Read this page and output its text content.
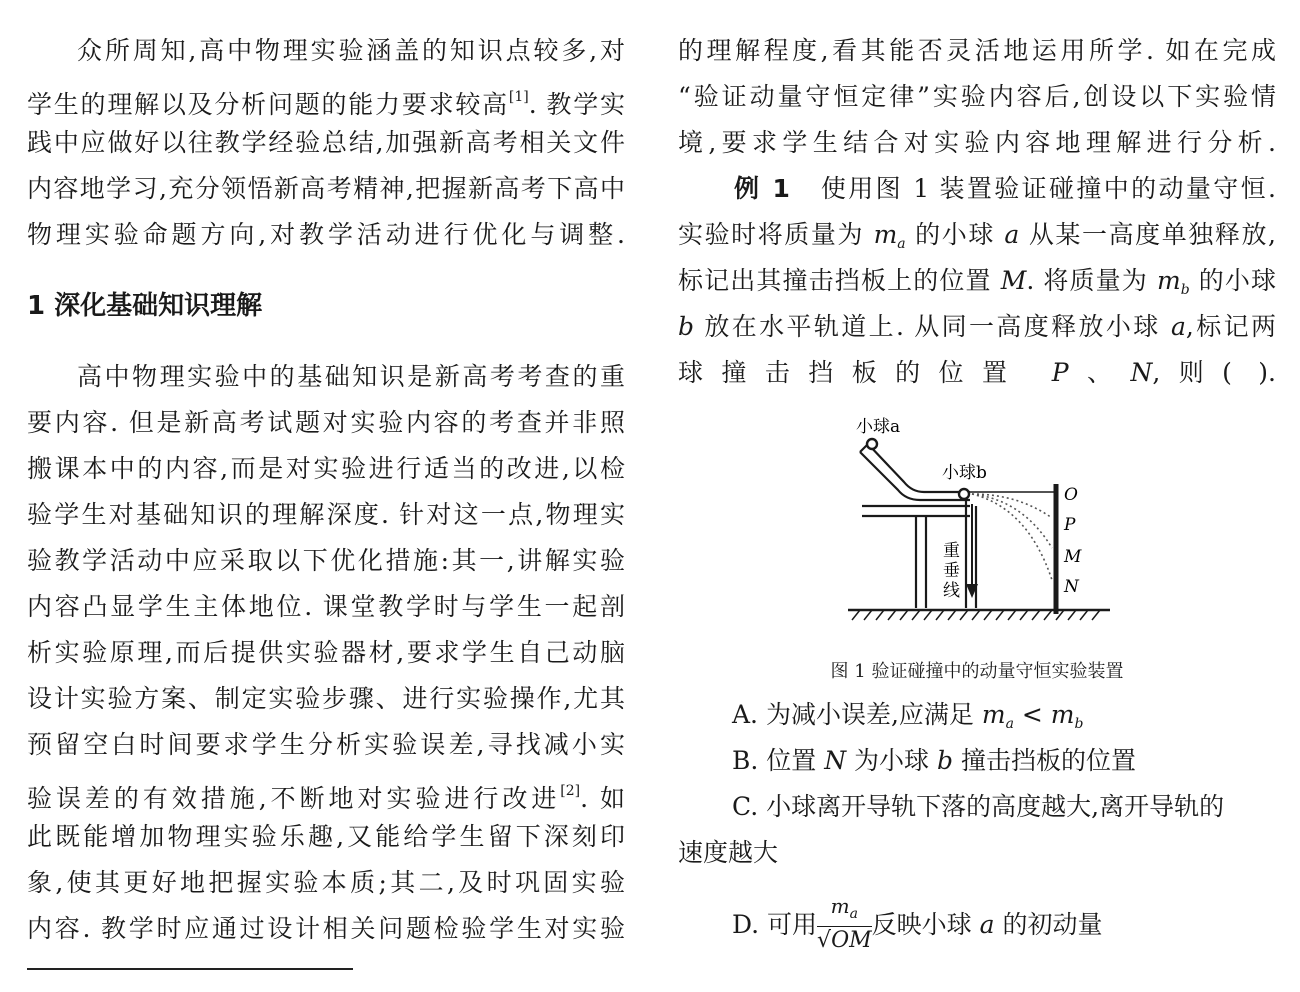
众所周知,高中物理实验涵盖的知识点较多,对
学生的理解以及分析问题的能力要求较高[1]. 教学实
践中应做好以往教学经验总结,加强新高考相关文件
内容地学习,充分领悟新高考精神,把握新高考下高中
物理实验命题方向,对教学活动进行优化与调整.
1 深化基础知识理解
高中物理实验中的基础知识是新高考考查的重
要内容. 但是新高考试题对实验内容的考查并非照
搬课本中的内容,而是对实验进行适当的改进,以检
验学生对基础知识的理解深度. 针对这一点,物理实
验教学活动中应采取以下优化措施:其一,讲解实验
内容凸显学生主体地位. 课堂教学时与学生一起剖
析实验原理,而后提供实验器材,要求学生自己动脑
设计实验方案、制定实验步骤、进行实验操作,尤其
预留空白时间要求学生分析实验误差,寻找减小实
验误差的有效措施,不断地对实验进行改进[2]. 如
此既能增加物理实验乐趣,又能给学生留下深刻印
象,使其更好地把握实验本质;其二,及时巩固实验
内容. 教学时应通过设计相关问题检验学生对实验
的理解程度,看其能否灵活地运用所学. 如在完成
“验证动量守恒定律”实验内容后,创设以下实验情
境,要求学生结合对实验内容地理解进行分析.
例 1 使用图 1 装置验证碰撞中的动量守恒.
实验时将质量为 $m_a$ 的小球 a 从某一高度单独释放,
标记出其撞击挡板上的位置 M. 将质量为 $m_b$ 的小球
b 放在水平轨道上. 从同一高度释放小球 a,标记两
球撞击挡板的位置 P、N,则( ).
小球a
小球b
重
垂
线
O
P
M
N

图 1 验证碰撞中的动量守恒实验装置

A. 为减小误差,应满足 $m_a < m_b$
B. 位置 N 为小球 b 撞击挡板的位置
C. 小球离开导轨下落的高度越大,离开导轨的
速度越大
D. 可用 $\frac{m_a}{√OM}$ 反映小球 a 的初动量
